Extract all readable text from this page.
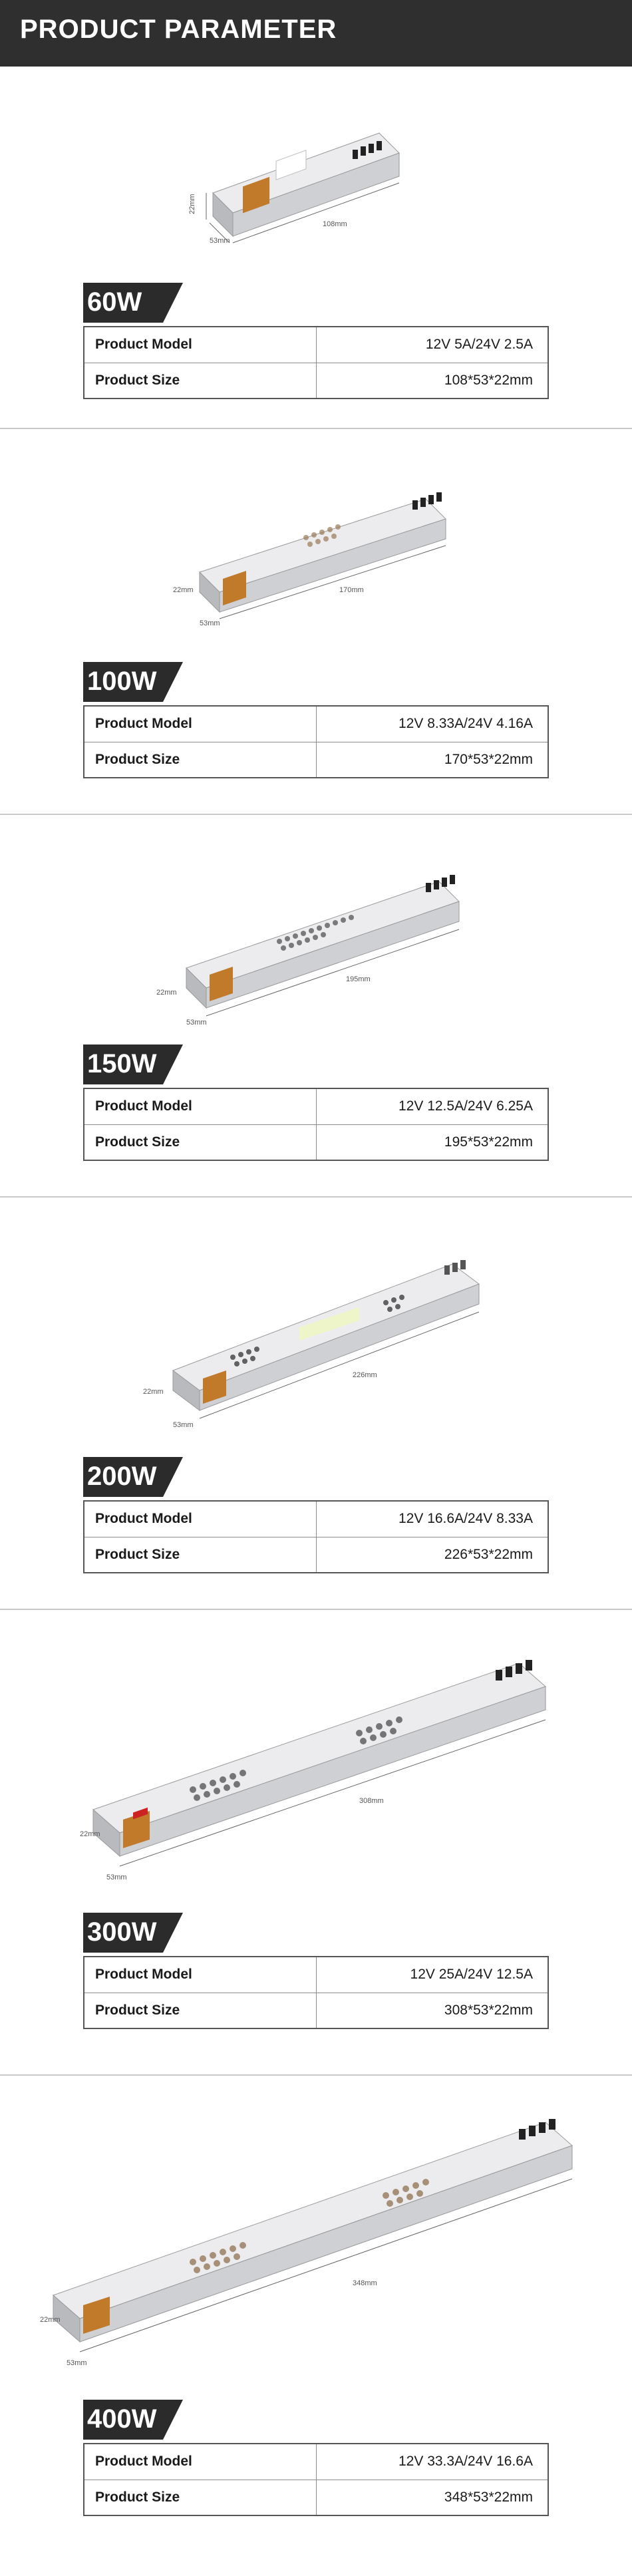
PRODUCT PARAMETER
108mm
22mm
53mm
60W
Product Model	12V 5A/24V 2.5A
Product Size	108*53*22mm
170mm
22mm
53mm
100W
Product Model	12V 8.33A/24V 4.16A
Product Size	170*53*22mm
195mm
22mm
53mm
150W
Product Model	12V 12.5A/24V 6.25A
Product Size	195*53*22mm
226mm
22mm
53mm
200W
Product Model	12V 16.6A/24V 8.33A
Product Size	226*53*22mm
308mm
22mm
53mm
300W
Product Model	12V 25A/24V 12.5A
Product Size	308*53*22mm
348mm
22mm
53mm
400W
Product Model	12V 33.3A/24V 16.6A
Product Size	348*53*22mm
